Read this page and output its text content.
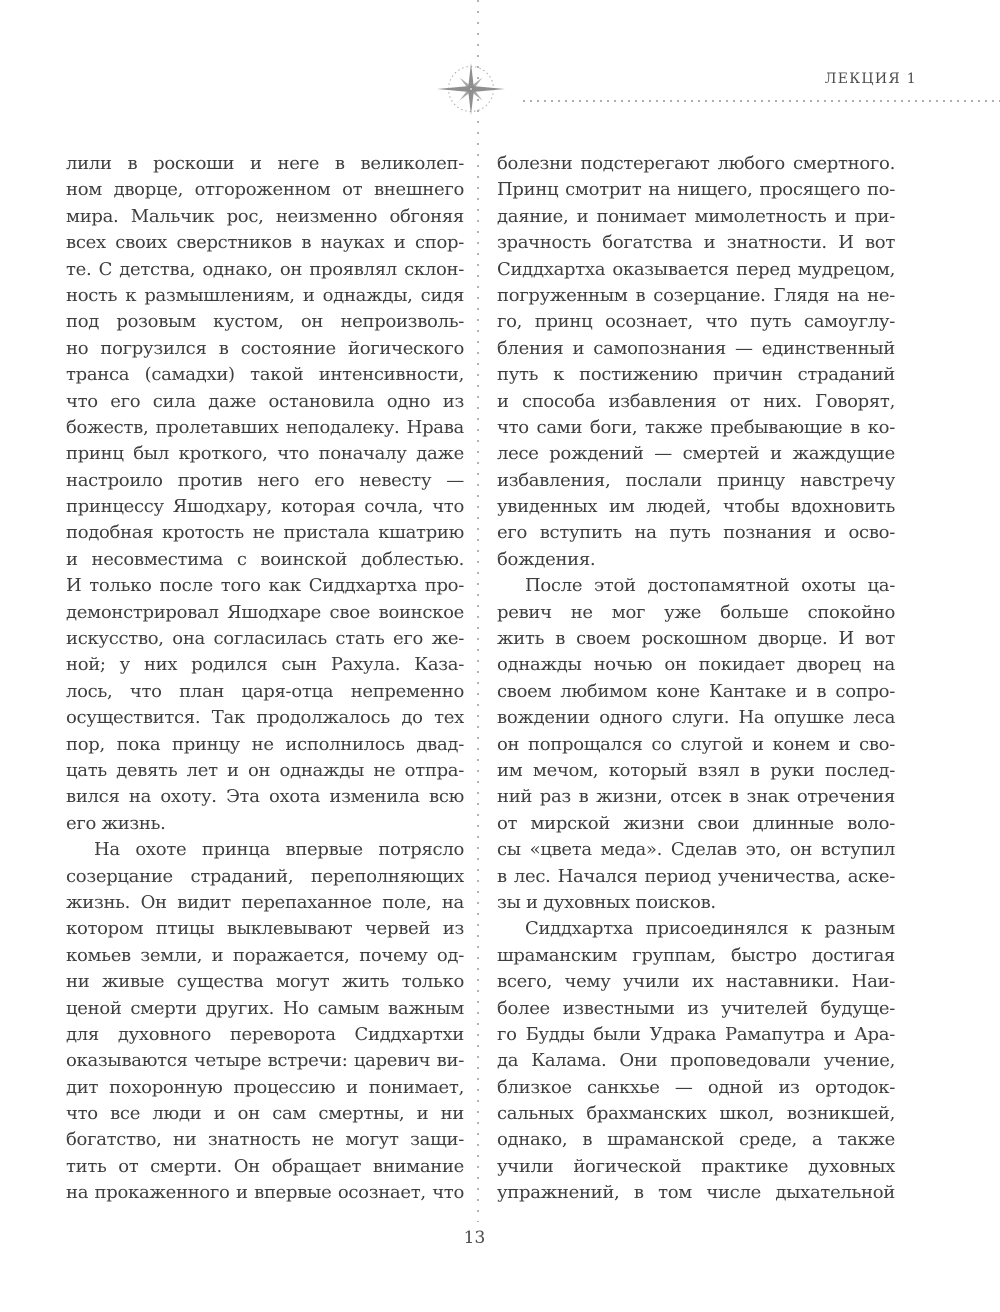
ЛЕКЦИЯ 1
лили в роскоши и неге в великолеп-
ном дворце, отгороженном от внешнего
мира. Мальчик рос, неизменно обгоняя
всех своих сверстников в науках и спор-
те. С детства, однако, он проявлял склон-
ность к размышлениям, и однажды, сидя
под розовым кустом, он непроизволь-
но погрузился в состояние йогического
транса (самадхи) такой интенсивности,
что его сила даже остановила одно из
божеств, пролетавших неподалеку. Нрава
принц был кроткого, что поначалу даже
настроило против него его невесту —
принцессу Яшодхару, которая сочла, что
подобная кротость не пристала кшатрию
и несовместима с воинской доблестью.
И только после того как Сиддхартха про-
демонстрировал Яшодхаре свое воинское
искусство, она согласилась стать его же-
ной; у них родился сын Рахула. Каза-
лось, что план царя-отца непременно
осуществится. Так продолжалось до тех
пор, пока принцу не исполнилось двад-
цать девять лет и он однажды не отпра-
вился на охоту. Эта охота изменила всю
его жизнь.
На охоте принца впервые потрясло
созерцание страданий, переполняющих
жизнь. Он видит перепаханное поле, на
котором птицы выклевывают червей из
комьев земли, и поражается, почему од-
ни живые существа могут жить только
ценой смерти других. Но самым важным
для духовного переворота Сиддхартхи
оказываются четыре встречи: царевич ви-
дит похоронную процессию и понимает,
что все люди и он сам смертны, и ни
богатство, ни знатность не могут защи-
тить от смерти. Он обращает внимание
на прокаженного и впервые осознает, что
болезни подстерегают любого смертного.
Принц смотрит на нищего, просящего по-
даяние, и понимает мимолетность и при-
зрачность богатства и знатности. И вот
Сиддхартха оказывается перед мудрецом,
погруженным в созерцание. Глядя на не-
го, принц осознает, что путь самоуглу-
бления и самопознания — единственный
путь к постижению причин страданий
и способа избавления от них. Говорят,
что сами боги, также пребывающие в ко-
лесе рождений — смертей и жаждущие
избавления, послали принцу навстречу
увиденных им людей, чтобы вдохновить
его вступить на путь познания и осво-
бождения.
После этой достопамятной охоты ца-
ревич не мог уже больше спокойно
жить в своем роскошном дворце. И вот
однажды ночью он покидает дворец на
своем любимом коне Кантаке и в сопро-
вождении одного слуги. На опушке леса
он попрощался со слугой и конем и сво-
им мечом, который взял в руки послед-
ний раз в жизни, отсек в знак отречения
от мирской жизни свои длинные воло-
сы «цвета меда». Сделав это, он вступил
в лес. Начался период ученичества, аске-
зы и духовных поисков.
Сиддхартха присоединялся к разным
шраманским группам, быстро достигая
всего, чему учили их наставники. Наи-
более известными из учителей будуще-
го Будды были Удрака Рамапутра и Ара-
да Калама. Они проповедовали учение,
близкое санкхье — одной из ортодок-
сальных брахманских школ, возникшей,
однако, в шраманской среде, а также
учили йогической практике духовных
упражнений, в том числе дыхательной
13
